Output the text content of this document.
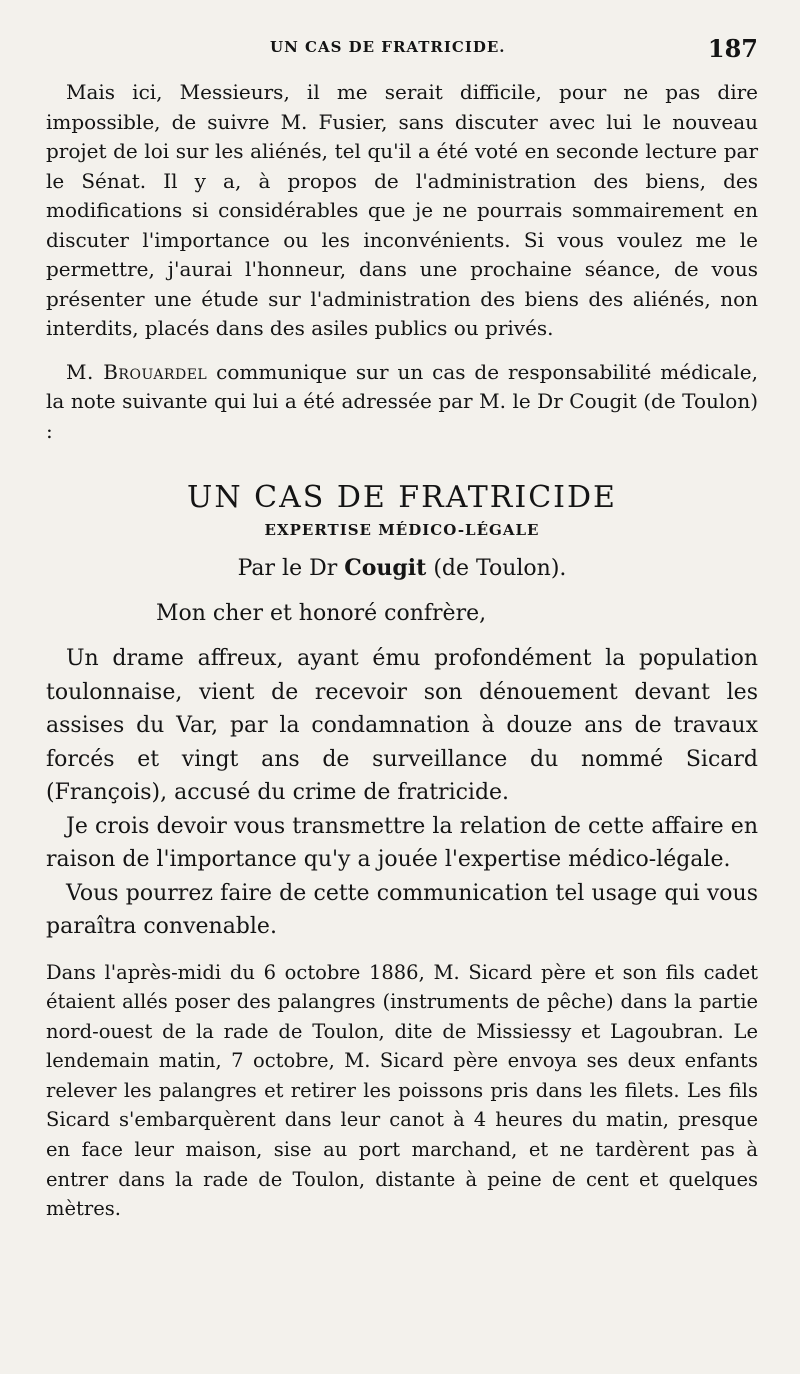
UN CAS DE FRATRICIDE.	187

Mais ici, Messieurs, il me serait difficile, pour ne pas dire impossible, de suivre M. Fusier, sans discuter avec lui le nouveau projet de loi sur les aliénés, tel qu'il a été voté en seconde lecture par le Sénat. Il y a, à propos de l'administration des biens, des modifications si considérables que je ne pourrais sommairement en discuter l'importance ou les inconvénients. Si vous voulez me le permettre, j'aurai l'honneur, dans une prochaine séance, de vous présenter une étude sur l'administration des biens des aliénés, non interdits, placés dans des asiles publics ou privés.

M. Brouardel communique sur un cas de responsabilité médicale, la note suivante qui lui a été adressée par M. le Dr Cougit (de Toulon) :

UN CAS DE FRATRICIDE
EXPERTISE MÉDICO-LÉGALE
Par le Dr Cougit (de Toulon).
Mon cher et honoré confrère,

Un drame affreux, ayant ému profondément la population toulonnaise, vient de recevoir son dénouement devant les assises du Var, par la condamnation à douze ans de travaux forcés et vingt ans de surveillance du nommé Sicard (François), accusé du crime de fratricide.

Je crois devoir vous transmettre la relation de cette affaire en raison de l'importance qu'y a jouée l'expertise médico-légale.

Vous pourrez faire de cette communication tel usage qui vous paraîtra convenable.

Dans l'après-midi du 6 octobre 1886, M. Sicard père et son fils cadet étaient allés poser des palangres (instruments de pêche) dans la partie nord-ouest de la rade de Toulon, dite de Missiessy et Lagoubran. Le lendemain matin, 7 octobre, M. Sicard père envoya ses deux enfants relever les palangres et retirer les poissons pris dans les filets. Les fils Sicard s'embarquèrent dans leur canot à 4 heures du matin, presque en face leur maison, sise au port marchand, et ne tardèrent pas à entrer dans la rade de Toulon, distante à peine de cent et quelques mètres.
